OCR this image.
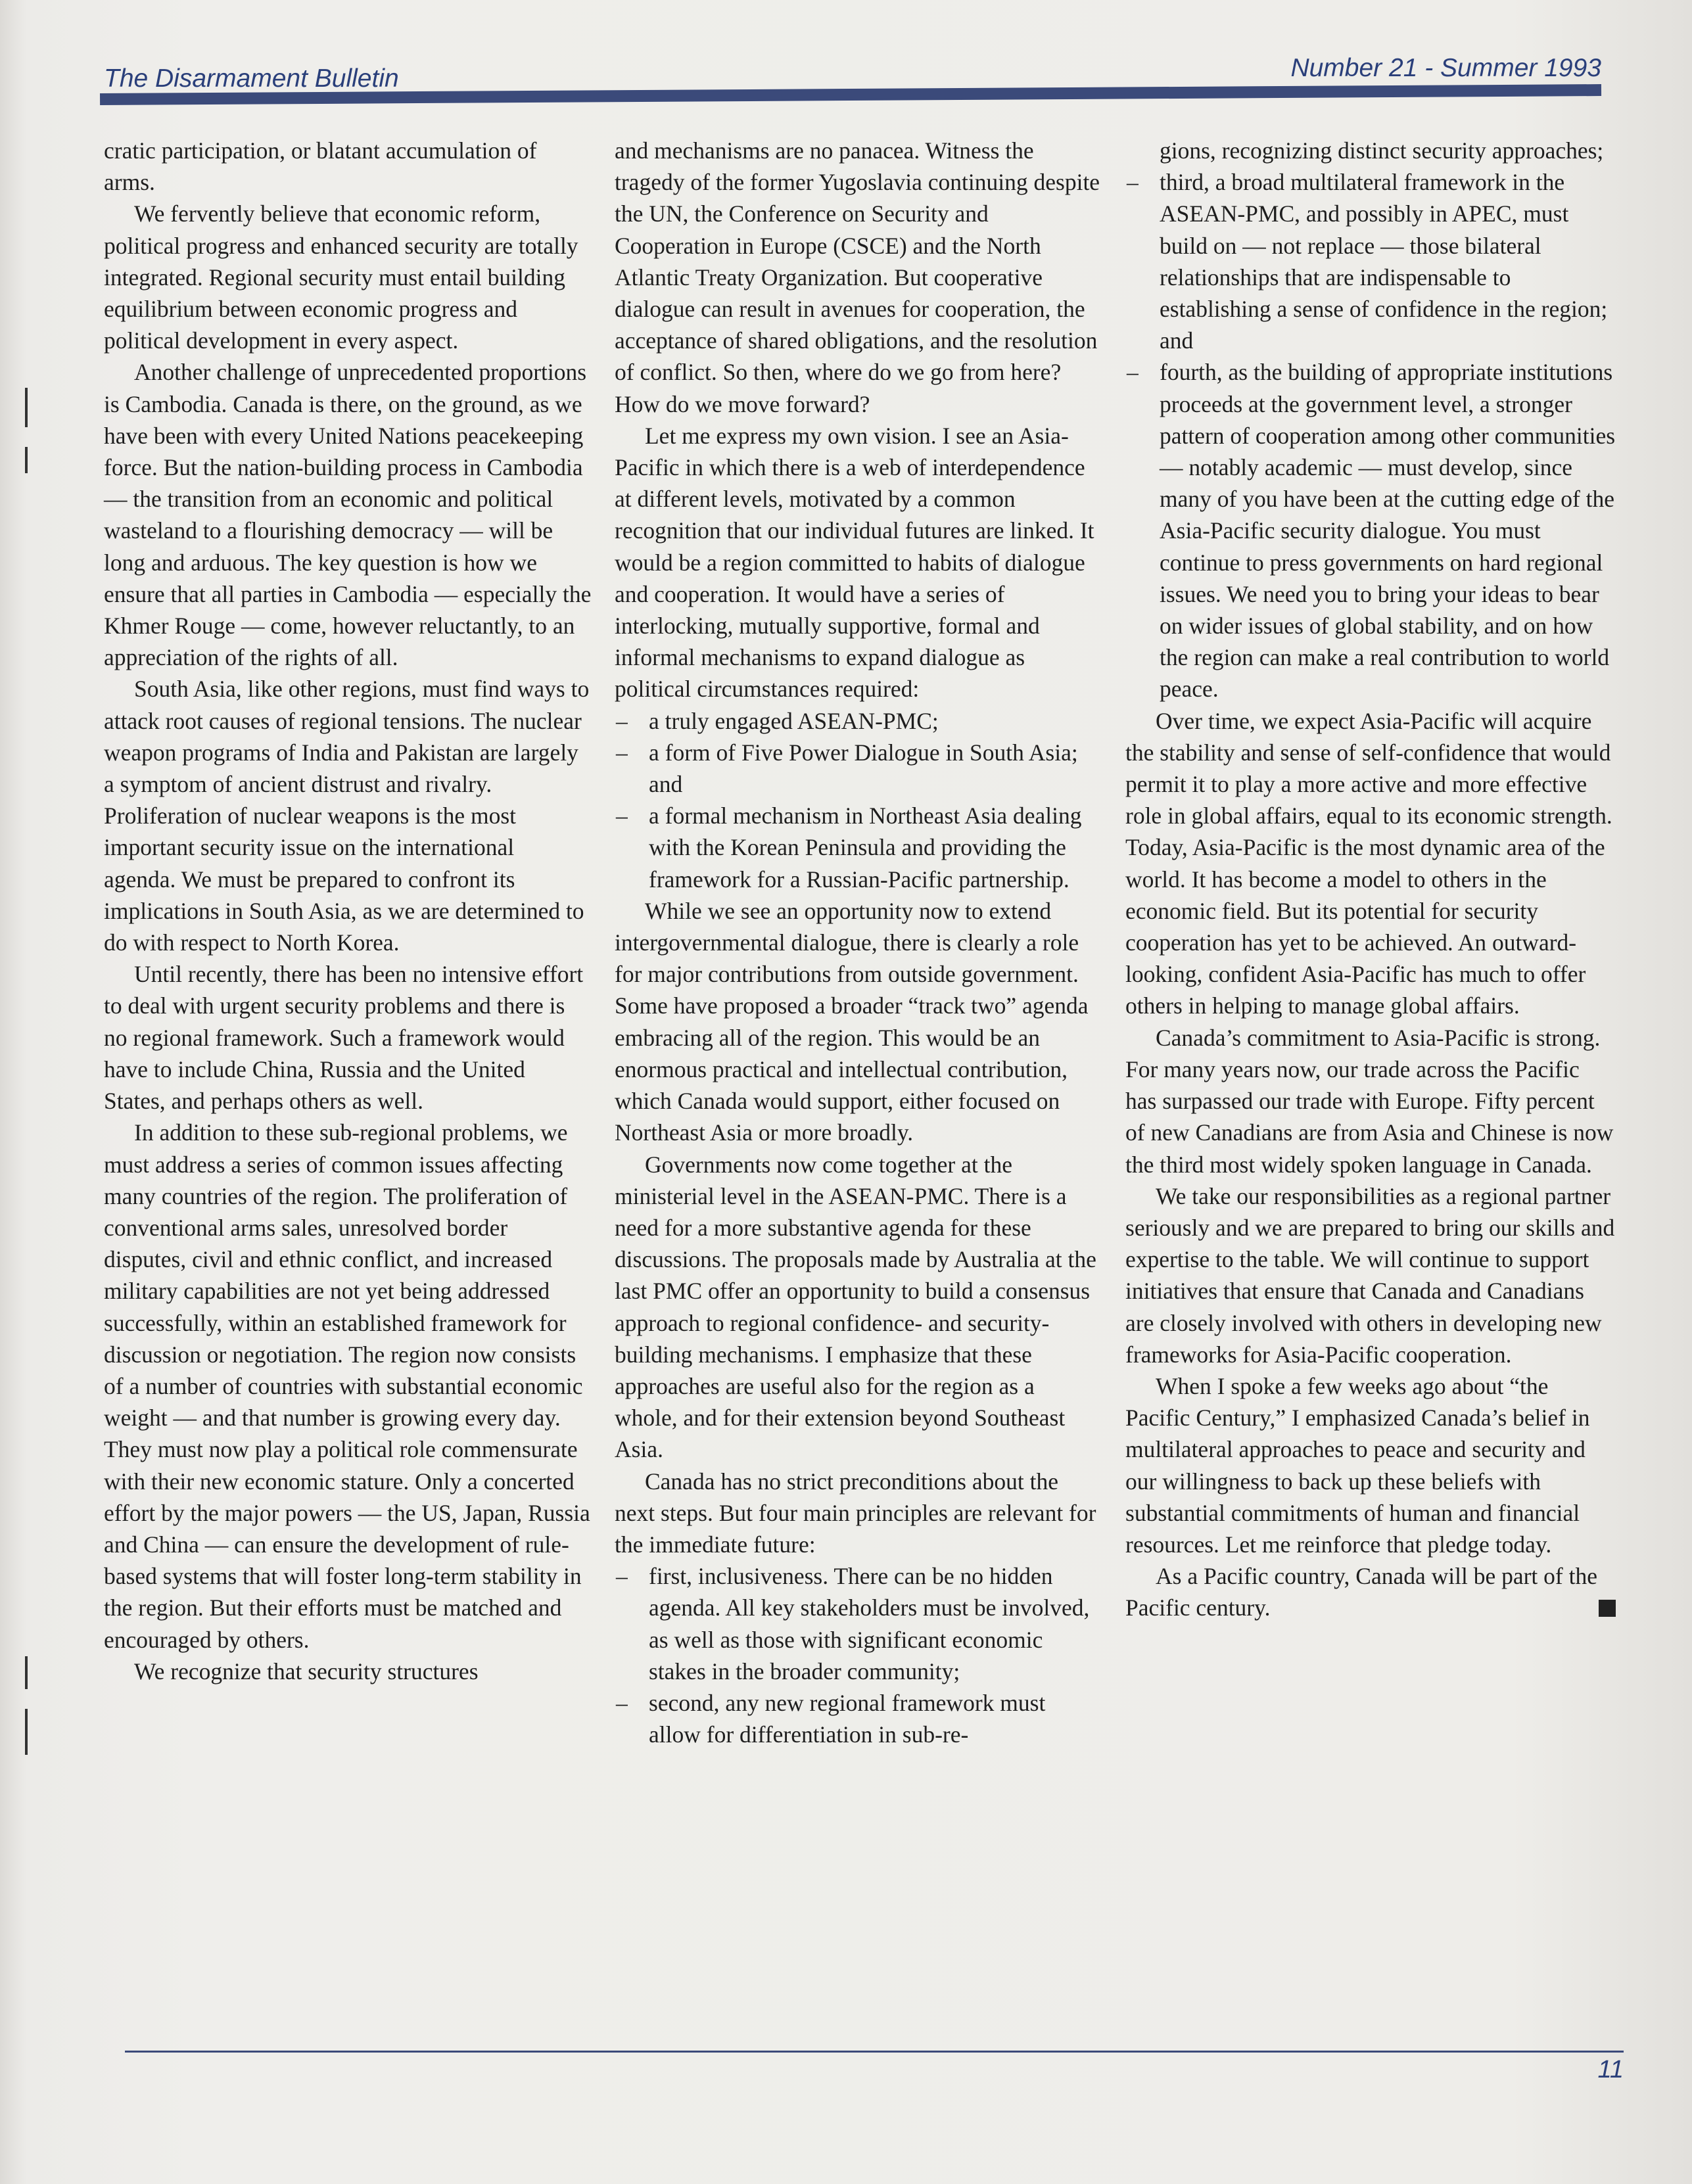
The Disarmament Bulletin	Number 21 - Summer 1993

cratic participation, or blatant accumulation of arms.

We fervently believe that economic reform, political progress and enhanced security are totally integrated. Regional security must entail building equilibrium between economic progress and political development in every aspect.

Another challenge of unprecedented proportions is Cambodia. Canada is there, on the ground, as we have been with every United Nations peacekeeping force. But the nation-building process in Cambodia — the transition from an economic and political wasteland to a flourishing democracy — will be long and arduous. The key question is how we ensure that all parties in Cambodia — especially the Khmer Rouge — come, however reluctantly, to an appreciation of the rights of all.

South Asia, like other regions, must find ways to attack root causes of regional tensions. The nuclear weapon programs of India and Pakistan are largely a symptom of ancient distrust and rivalry. Proliferation of nuclear weapons is the most important security issue on the international agenda. We must be prepared to confront its implications in South Asia, as we are determined to do with respect to North Korea.

Until recently, there has been no intensive effort to deal with urgent security problems and there is no regional framework. Such a framework would have to include China, Russia and the United States, and perhaps others as well.

In addition to these sub-regional problems, we must address a series of common issues affecting many countries of the region. The proliferation of conventional arms sales, unresolved border disputes, civil and ethnic conflict, and increased military capabilities are not yet being addressed successfully, within an established framework for discussion or negotiation. The region now consists of a number of countries with substantial economic weight — and that number is growing every day. They must now play a political role commensurate with their new economic stature. Only a concerted effort by the major powers — the US, Japan, Russia and China — can ensure the development of rule-based systems that will foster long-term stability in the region. But their efforts must be matched and encouraged by others.

We recognize that security structures

and mechanisms are no panacea. Witness the tragedy of the former Yugoslavia continuing despite the UN, the Conference on Security and Cooperation in Europe (CSCE) and the North Atlantic Treaty Organization. But cooperative dialogue can result in avenues for cooperation, the acceptance of shared obligations, and the resolution of conflict. So then, where do we go from here? How do we move forward?

Let me express my own vision. I see an Asia-Pacific in which there is a web of interdependence at different levels, motivated by a common recognition that our individual futures are linked. It would be a region committed to habits of dialogue and cooperation. It would have a series of interlocking, mutually supportive, formal and informal mechanisms to expand dialogue as political circumstances required:

– a truly engaged ASEAN-PMC;

– a form of Five Power Dialogue in South Asia; and

– a formal mechanism in Northeast Asia dealing with the Korean Peninsula and providing the framework for a Russian-Pacific partnership.

While we see an opportunity now to extend intergovernmental dialogue, there is clearly a role for major contributions from outside government. Some have proposed a broader “track two” agenda embracing all of the region. This would be an enormous practical and intellectual contribution, which Canada would support, either focused on Northeast Asia or more broadly.

Governments now come together at the ministerial level in the ASEAN-PMC. There is a need for a more substantive agenda for these discussions. The proposals made by Australia at the last PMC offer an opportunity to build a consensus approach to regional confidence- and security-building mechanisms. I emphasize that these approaches are useful also for the region as a whole, and for their extension beyond Southeast Asia.

Canada has no strict preconditions about the next steps. But four main principles are relevant for the immediate future:

– first, inclusiveness. There can be no hidden agenda. All key stakeholders must be involved, as well as those with significant economic stakes in the broader community;

– second, any new regional framework must allow for differentiation in sub-re-

gions, recognizing distinct security approaches;

– third, a broad multilateral framework in the ASEAN-PMC, and possibly in APEC, must build on — not replace — those bilateral relationships that are indispensable to establishing a sense of confidence in the region; and

– fourth, as the building of appropriate institutions proceeds at the government level, a stronger pattern of cooperation among other communities — notably academic — must develop, since many of you have been at the cutting edge of the Asia-Pacific security dialogue. You must continue to press governments on hard regional issues. We need you to bring your ideas to bear on wider issues of global stability, and on how the region can make a real contribution to world peace.

Over time, we expect Asia-Pacific will acquire the stability and sense of self-confidence that would permit it to play a more active and more effective role in global affairs, equal to its economic strength. Today, Asia-Pacific is the most dynamic area of the world. It has become a model to others in the economic field. But its potential for security cooperation has yet to be achieved. An outward-looking, confident Asia-Pacific has much to offer others in helping to manage global affairs.

Canada’s commitment to Asia-Pacific is strong. For many years now, our trade across the Pacific has surpassed our trade with Europe. Fifty percent of new Canadians are from Asia and Chinese is now the third most widely spoken language in Canada.

We take our responsibilities as a regional partner seriously and we are prepared to bring our skills and expertise to the table. We will continue to support initiatives that ensure that Canada and Canadians are closely involved with others in developing new frameworks for Asia-Pacific cooperation.

When I spoke a few weeks ago about “the Pacific Century,” I emphasized Canada’s belief in multilateral approaches to peace and security and our willingness to back up these beliefs with substantial commitments of human and financial resources. Let me reinforce that pledge today.

As a Pacific country, Canada will be part of the Pacific century.

11
